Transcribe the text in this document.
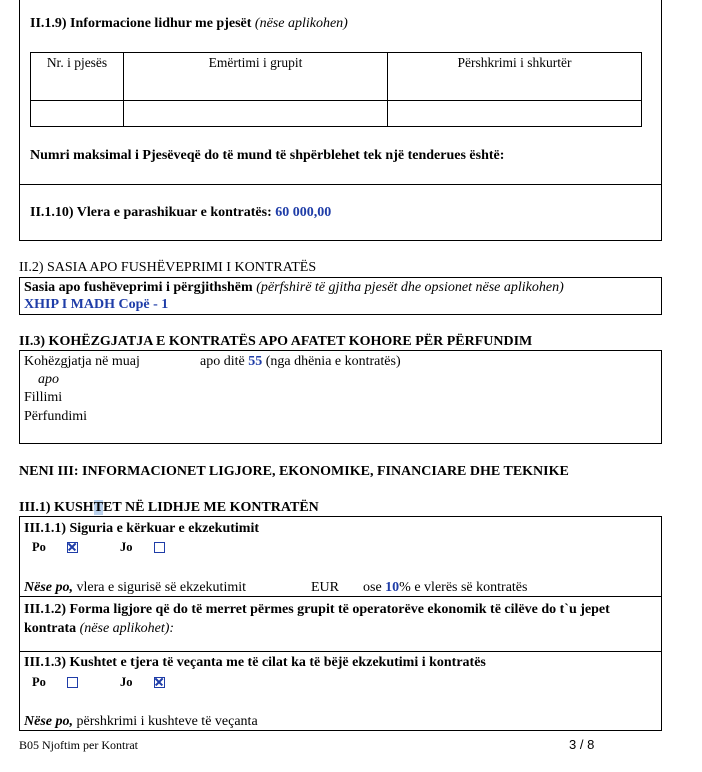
II.1.9) Informacione lidhur me pjesët (nëse aplikohen)
Nr. i pjesës	Emërtimi i grupit	Përshkrimi i shkurtër

Numri maksimal i Pjesëveqë do të mund të shpërblehet tek një tenderues është:
II.1.10) Vlera e parashikuar e kontratës: 60 000,00
II.2) SASIA APO FUSHËVEPRIMI I KONTRATËS
Sasia apo fushëveprimi i përgjithshëm (përfshirë të gjitha pjesët dhe opsionet nëse aplikohen)
XHIP I MADH Copë - 1
II.3) KOHËZGJATJA E KONTRATËS APO AFATET KOHORE PËR PËRFUNDIM
Kohëzgjatja në muaj	apo ditë 55 (nga dhënia e kontratës)
apo
Fillimi
Përfundimi
NENI III: INFORMACIONET LIGJORE, EKONOMIKE, FINANCIARE DHE TEKNIKE
III.1) KUSHTET NË LIDHJE ME KONTRATËN
III.1.1) Siguria e kërkuar e ekzekutimit
Po	Jo
Nëse po, vlera e sigurisë së ekzekutimit	EUR ose 10% e vlerës së kontratës
III.1.2) Forma ligjore që do të merret përmes grupit të operatorëve ekonomik të cilëve do t`u jepet kontrata (nëse aplikohet):
III.1.3) Kushtet e tjera të veçanta me të cilat ka të bëjë ekzekutimi i kontratës
Po	Jo
Nëse po, përshkrimi i kushteve të veçanta
B05 Njoftim per Kontrat	3 / 8
